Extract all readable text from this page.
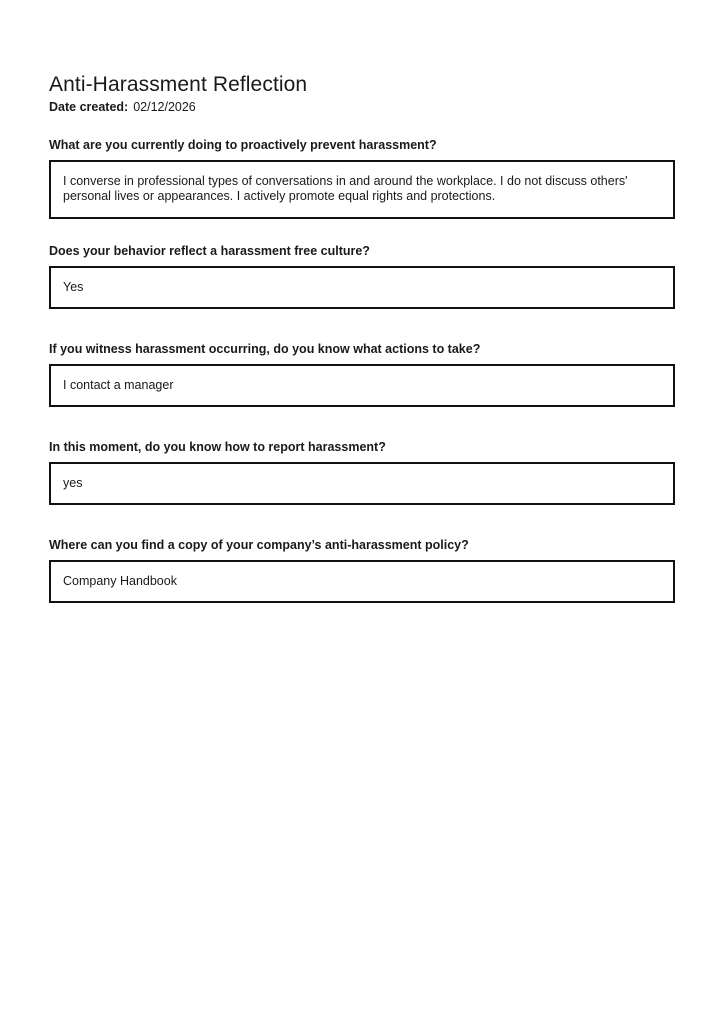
Anti-Harassment Reflection
Date created: 02/12/2026
What are you currently doing to proactively prevent harassment?
I converse in professional types of conversations in and around the workplace. I do not discuss others' personal lives or appearances. I actively promote equal rights and protections.
Does your behavior reflect a harassment free culture?
Yes
If you witness harassment occurring, do you know what actions to take?
I contact a manager
In this moment, do you know how to report harassment?
yes
Where can you find a copy of your company’s anti-harassment policy?
Company Handbook
